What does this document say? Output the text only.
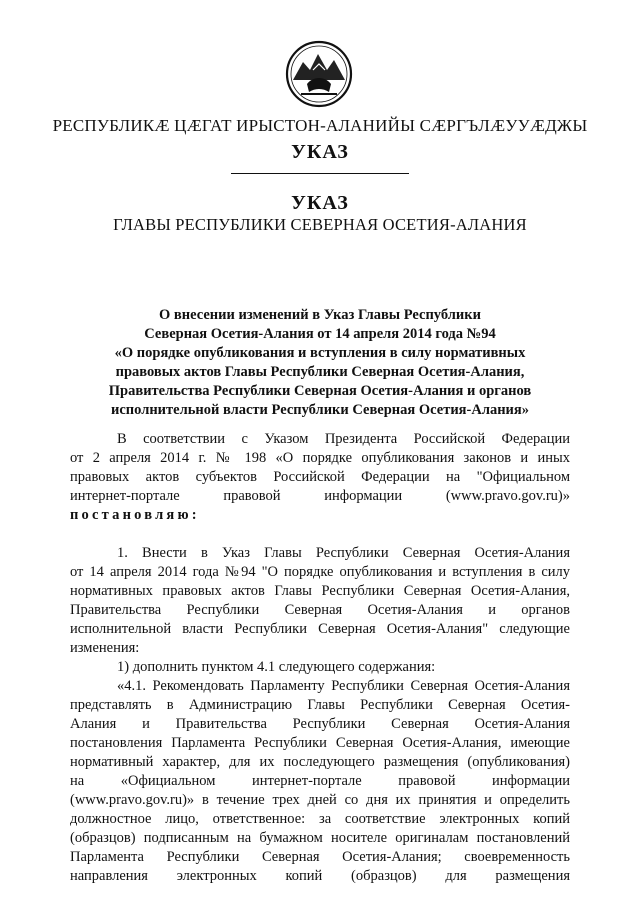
РЕСПУБЛИКӔ ЦӔГАТ ИРЫСТОН-АЛАНИЙЫ СӔРГЪЛӔУУӔДЖЫ
УКАЗ
УКАЗ
ГЛАВЫ РЕСПУБЛИКИ СЕВЕРНАЯ ОСЕТИЯ-АЛАНИЯ
О внесении изменений в Указ Главы Республики
Северная Осетия-Алания от 14 апреля 2014 года №94
«О порядке опубликования и вступления в силу нормативных
правовых актов Главы Республики Северная Осетия-Алания,
Правительства Республики Северная Осетия-Алания и органов
исполнительной власти Республики Северная Осетия-Алания»
В соответствии с Указом Президента Российской Федерации
от 2 апреля 2014 г. № 198 «О порядке опубликования законов и иных
правовых актов субъектов Российской Федерации на "Официальном
интернет-портале правовой информации (www.pravo.gov.ru)»
постановляю:
1. Внести в Указ Главы Республики Северная Осетия-Алания
от 14 апреля 2014 года №94 "О порядке опубликования и вступления в силу
нормативных правовых актов Главы Республики Северная Осетия-Алания,
Правительства Республики Северная Осетия-Алания и органов
исполнительной власти Республики Северная Осетия-Алания" следующие
изменения:
1) дополнить пунктом 4.1 следующего содержания:
«4.1. Рекомендовать Парламенту Республики Северная Осетия-Алания
представлять в Администрацию Главы Республики Северная Осетия-
Алания и Правительства Республики Северная Осетия-Алания
постановления Парламента Республики Северная Осетия-Алания, имеющие
нормативный характер, для их последующего размещения (опубликования)
на «Официальном интернет-портале правовой информации
(www.pravo.gov.ru)» в течение трех дней со дня их принятия и определить
должностное лицо, ответственное: за соответствие электронных копий
(образцов) подписанным на бумажном носителе оригиналам постановлений
Парламента Республики Северная Осетия-Алания; своевременность
направления электронных копий (образцов) для размещения
